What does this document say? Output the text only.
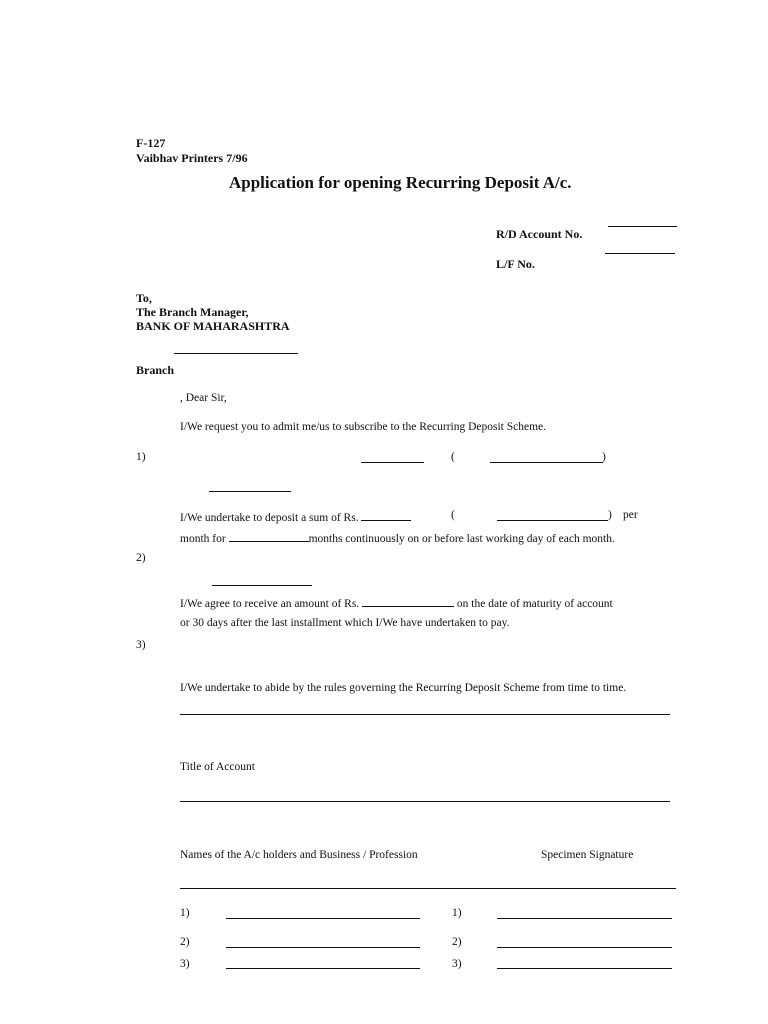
F-127
Vaibhav Printers 7/96
Application for opening Recurring Deposit A/c.
R/D Account No.
L/F No.
To,
The Branch Manager,
BANK OF MAHARASHTRA
Branch
, Dear Sir,
I/We request you to admit me/us to subscribe to the Recurring Deposit Scheme.
1)	(	)
I/We undertake to deposit a sum of Rs.	(	) per
month for	months continuously on or before last working day of each month.
2)
I/We agree to receive an amount of Rs.	on the date of maturity of account
or 30 days after the last installment which I/We have undertaken to pay.
3)
I/We undertake to abide by the rules governing the Recurring Deposit Scheme from time to time.
Title of Account
Names of the A/c holders and Business / Profession	Specimen Signature
1)	1)
2)	2)
3)	3)
